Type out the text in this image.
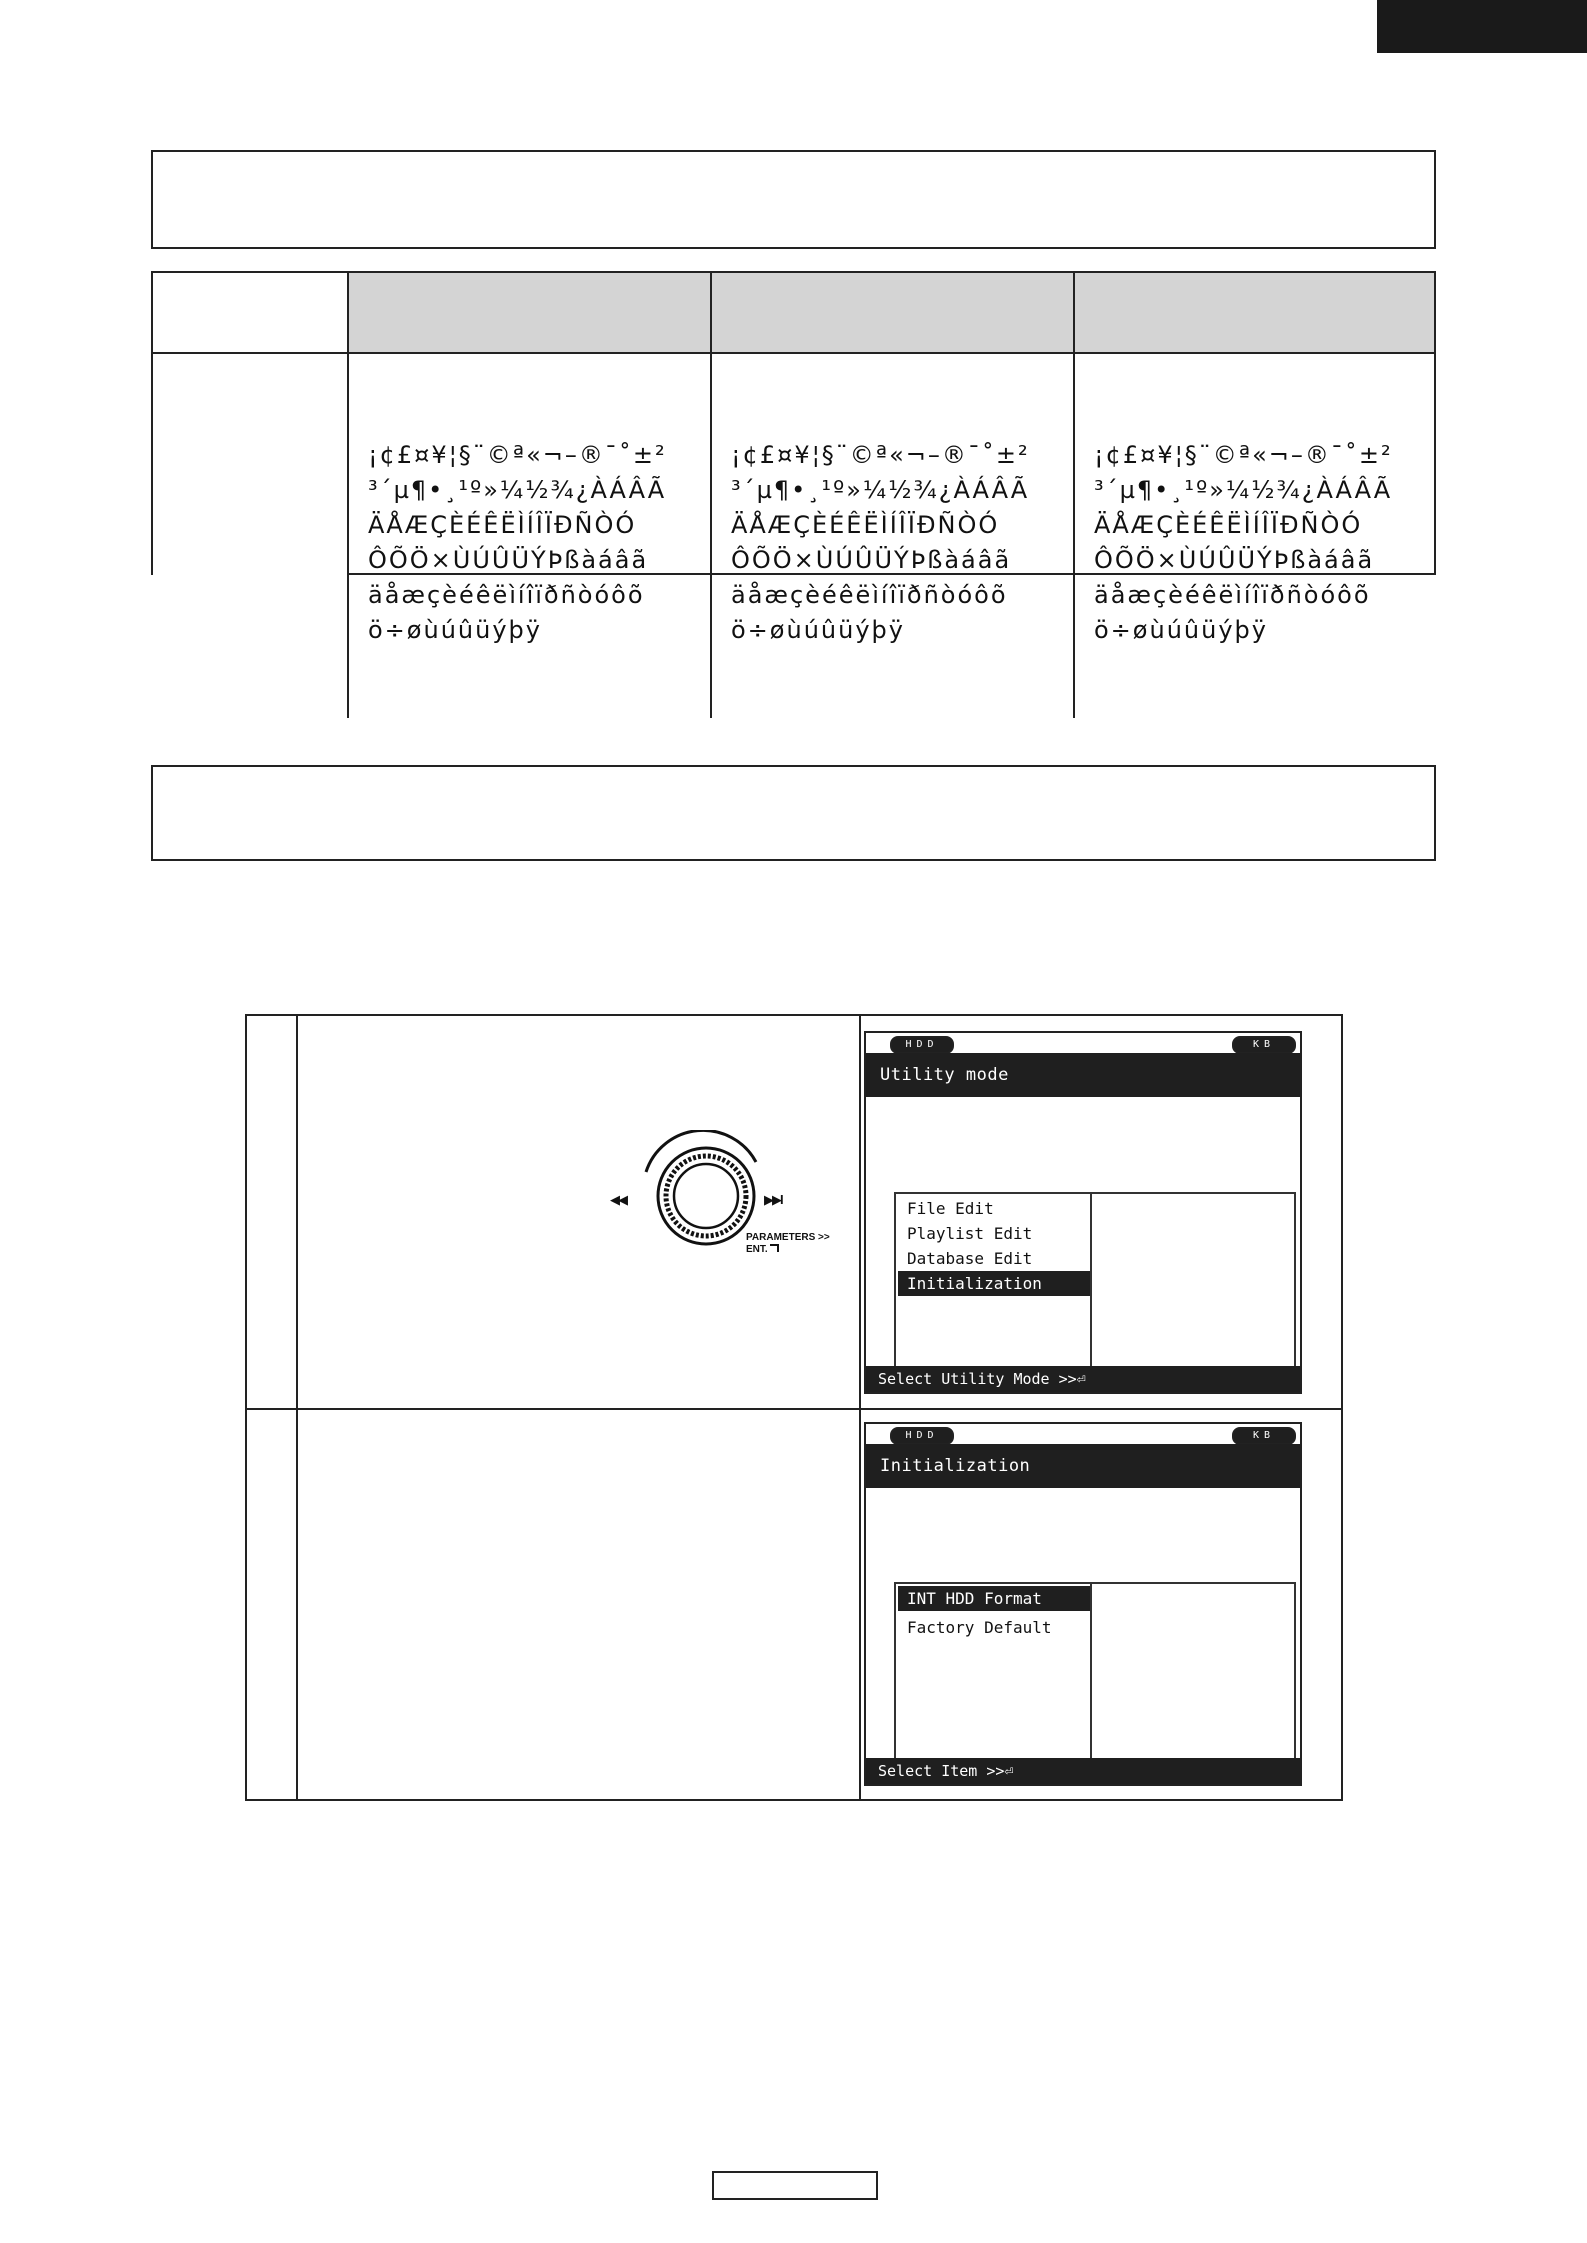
¡¢£¤¥¦§¨©ª«¬–®¯˚±²
³´µ¶•¸¹º»¼½¾¿ÀÁÂÃ
ÄÅÆÇÈÉÊËÌÍÎÏÐÑÒÓ
ÔÕÖ×ÙÚÛÜÝÞßàáâã
äåæçèéêëìíîïðñòóôõ
ö÷øùúûüýþÿ

¡¢£¤¥¦§¨©ª«¬–®¯˚±²
³´µ¶•¸¹º»¼½¾¿ÀÁÂÃ
ÄÅÆÇÈÉÊËÌÍÎÏÐÑÒÓ
ÔÕÖ×ÙÚÛÜÝÞßàáâã
äåæçèéêëìíîïðñòóôõ
ö÷øùúûüýþÿ

¡¢£¤¥¦§¨©ª«¬–®¯˚±²
³´µ¶•¸¹º»¼½¾¿ÀÁÂÃ
ÄÅÆÇÈÉÊËÌÍÎÏÐÑÒÓ
ÔÕÖ×ÙÚÛÜÝÞßàáâã
äåæçèéêëìíîïðñòóôõ
ö÷øùúûüýþÿ

HDD	KB
Utility mode
File Edit
Playlist Edit
Database Edit
Initialization
Select Utility Mode >>⏎
HDD	KB
Initialization
INT HDD Format
Factory Default
Select Item >>⏎
◀◀	▶▶I
PARAMETERS >>
ENT.
